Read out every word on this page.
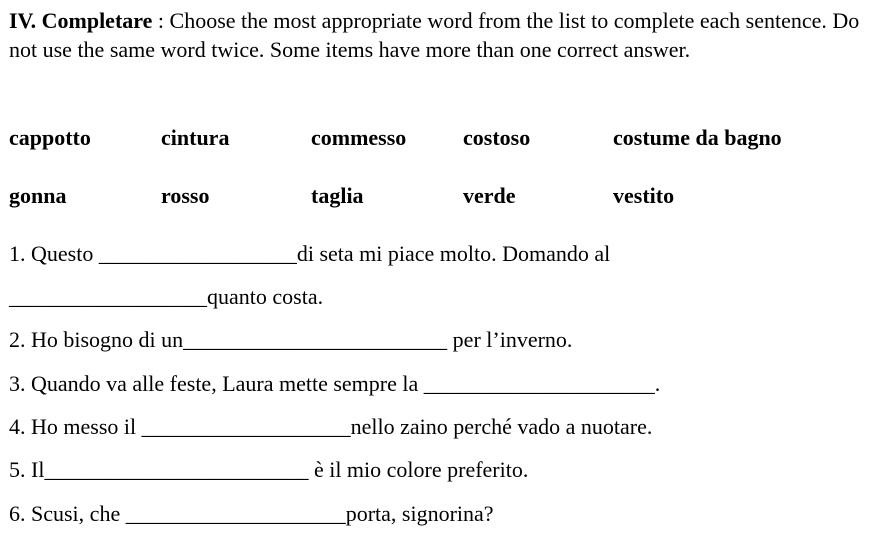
IV. Completare : Choose the most appropriate word from the list to complete each sentence. Do not use the same word twice. Some items have more than one correct answer.

cappotto	cintura	commesso	costoso	costume da bagno
gonna	rosso	taglia	verde	vestito
1. Questo __________________di seta mi piace molto. Domando al
__________________quanto costa.
2. Ho bisogno di un________________________ per l’inverno.
3. Quando va alle feste, Laura mette sempre la _____________________.
4. Ho messo il ___________________nello zaino perché vado a nuotare.
5. Il________________________ è il mio colore preferito.
6. Scusi, che ____________________porta, signorina?
